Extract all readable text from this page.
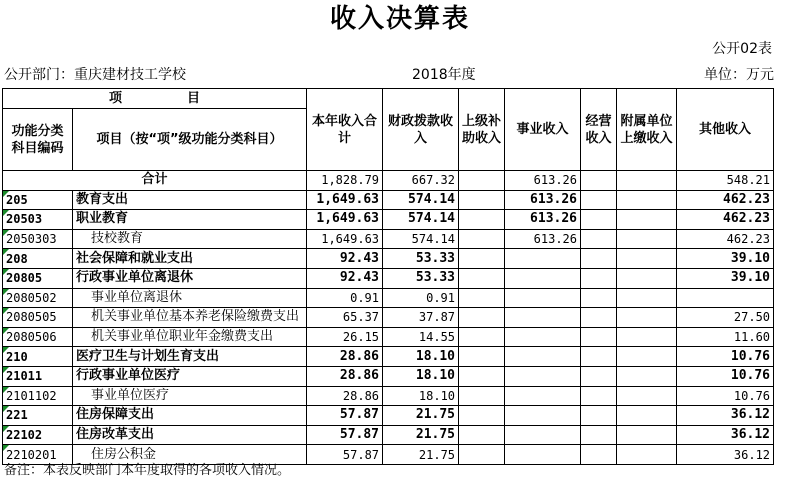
收入决算表
公开02表
公开部门：重庆建材技工学校	2018年度	单位：万元
项　　　　　目		本年收入合计	财政拨款收入	上级补助收入	事业收入	经营收入	附属单位上缴收入	其他收入
功能分类科目编码	项目（按“项”级功能分类科目）							
合计		1,828.79	667.32		613.26			548.21
205	教育支出	1,649.63	574.14		613.26			462.23
20503	职业教育	1,649.63	574.14		613.26			462.23
2050303	技校教育	1,649.63	574.14		613.26			462.23
208	社会保障和就业支出	92.43	53.33					39.10
20805	行政事业单位离退休	92.43	53.33					39.10
2080502	事业单位离退休	0.91	0.91					
2080505	机关事业单位基本养老保险缴费支出	65.37	37.87					27.50
2080506	机关事业单位职业年金缴费支出	26.15	14.55					11.60
210	医疗卫生与计划生育支出	28.86	18.10					10.76
21011	行政事业单位医疗	28.86	18.10					10.76
2101102	事业单位医疗	28.86	18.10					10.76
221	住房保障支出	57.87	21.75					36.12
22102	住房改革支出	57.87	21.75					36.12
2210201	住房公积金	57.87	21.75					36.12
备注：本表反映部门本年度取得的各项收入情况。
